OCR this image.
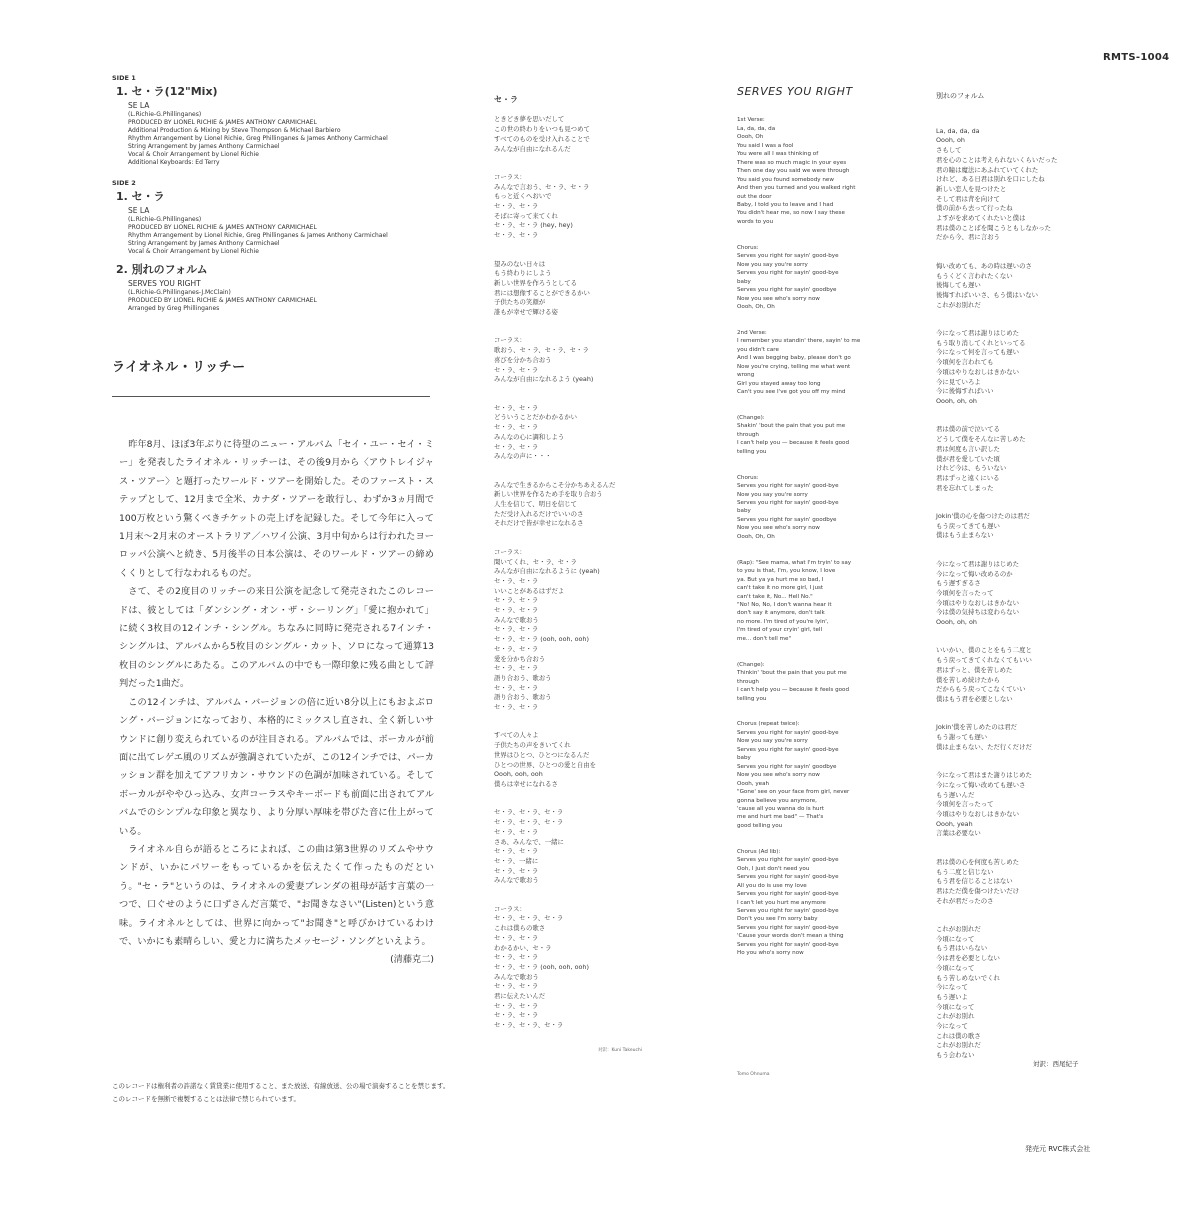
RMTS-1004
SIDE 1
1. セ・ラ(12"Mix)
SE LA
(L.Richie-G.Phillinganes)
PRODUCED BY LIONEL RICHIE & JAMES ANTHONY CARMICHAEL
Additional Production & Mixing by Steve Thompson & Michael Barbiero
Rhythm Arrangement by Lionel Richie, Greg Phillinganes & James Anthony Carmichael
String Arrangement by James Anthony Carmichael
Vocal & Choir Arrangement by Lionel Richie
Additional Keyboards: Ed Terry
SIDE 2
1. セ・ラ
SE LA
(L.Richie-G.Phillinganes)
PRODUCED BY LIONEL RICHIE & JAMES ANTHONY CARMICHAEL
Rhythm Arrangement by Lionel Richie, Greg Phillinganes & James Anthony Carmichael
String Arrangement by James Anthony Carmichael
Vocal & Choir Arrangement by Lionel Richie
2. 別れのフォルム
SERVES YOU RIGHT
(L.Richie-G.Phillinganes-J.McClain)
PRODUCED BY LIONEL RICHIE & JAMES ANTHONY CARMICHAEL
Arranged by Greg Phillinganes
ライオネル・リッチー

昨年8月、ほぼ3年ぶりに待望のニュー・アルバム「セイ・ユー・セイ・ミー」を発表したライオネル・リッチーは、その後9月から〈アウトレイジャス・ツアー〉と題打ったワールド・ツアーを開始した。そのファースト・ステップとして、12月まで全米、カナダ・ツアーを敢行し、わずか3ヵ月間で100万枚という驚くべきチケットの売上げを記録した。そして今年に入って1月末〜2月末のオーストラリア／ハワイ公演、3月中旬からは行われたヨーロッパ公演へと続き、5月後半の日本公演は、そのワールド・ツアーの締めくくりとして行なわれるものだ。

さて、その2度目のリッチーの来日公演を記念して発売されたこのレコードは、彼としては「ダンシング・オン・ザ・シーリング」「愛に抱かれて」に続く3枚目の12インチ・シングル。ちなみに同時に発売される7インチ・シングルは、アルバムから5枚目のシングル・カット、ソロになって通算13枚目のシングルにあたる。このアルバムの中でも一際印象に残る曲として評判だった1曲だ。

この12インチは、アルバム・バージョンの倍に近い8分以上にもおよぶロング・バージョンになっており、本格的にミックスし直され、全く新しいサウンドに創り変えられているのが注目される。アルバムでは、ボーカルが前面に出てレゲエ風のリズムが強調されていたが、この12インチでは、パーカッション群を加えてアフリカン・サウンドの色調が加味されている。そしてボーカルがややひっ込み、女声コーラスやキーボードも前面に出されてアルバムでのシンプルな印象と異なり、より分厚い厚味を帯びた音に仕上がっている。

ライオネル自らが語るところによれば、この曲は第3世界のリズムやサウンドが、いかにパワーをもっているかを伝えたくて作ったものだという。"セ・ラ"というのは、ライオネルの愛妻ブレンダの祖母が話す言葉の一つで、口ぐせのように口ずさんだ言葉で、"お聞きなさい"(Listen)という意味。ライオネルとしては、世界に向かって"お聞き"と呼びかけているわけで、いかにも素晴らしい、愛と力に満ちたメッセージ・ソングといえよう。

(清藤克二)

セ・ラ

ときどき夢を思いだして
この世の終わりをいつも見つめて
すべてのものを受け入れることで
みんなが自由になれるんだ

コーラス：
みんなで言おう、セ・ラ、セ・ラ
もっと近くへおいで
セ・ラ、セ・ラ
そばに寄って来てくれ
セ・ラ、セ・ラ (hey, hey)
セ・ラ、セ・ラ

望みのない日々は
もう終わりにしよう
新しい世界を作ろうとしてる
君には想像することができるかい
子供たちの笑顔が
誰もが幸せで輝ける姿

コーラス：
歌おう、セ・ラ、セ・ラ、セ・ラ
喜びを分かち合おう
セ・ラ、セ・ラ
みんなが自由になれるよう (yeah)

セ・ラ、セ・ラ
どういうことだかわかるかい
セ・ラ、セ・ラ
みんなの心に調和しよう
セ・ラ、セ・ラ
みんなの声に・・・

みんなで生きるからこそ分かちあえるんだ
新しい世界を作るため手を取り合おう
人生を信じて、明日を信じて
ただ受け入れるだけでいいのさ
それだけで皆が幸せになれるさ

コーラス：
聞いてくれ、セ・ラ、セ・ラ
みんなが自由になれるように (yeah)
セ・ラ、セ・ラ
いいことがあるはずだよ
セ・ラ、セ・ラ
セ・ラ、セ・ラ
みんなで歌おう
セ・ラ、セ・ラ
セ・ラ、セ・ラ (ooh, ooh, ooh)
セ・ラ、セ・ラ
愛を分かち合おう
セ・ラ、セ・ラ
語り合おう、歌おう
セ・ラ、セ・ラ
語り合おう、歌おう
セ・ラ、セ・ラ

すべての人々よ
子供たちの声をきいてくれ
世界はひとつ、ひとつになるんだ
ひとつの世界、ひとつの愛と自由を
Oooh, ooh, ooh
僕らは幸せになれるさ

セ・ラ、セ・ラ、セ・ラ
セ・ラ、セ・ラ、セ・ラ
セ・ラ、セ・ラ
さあ、みんなで、一緒に
セ・ラ、セ・ラ
セ・ラ、一緒に
セ・ラ、セ・ラ
みんなで歌おう

コーラス：
セ・ラ、セ・ラ、セ・ラ
これは僕らの歌さ
セ・ラ、セ・ラ
わかるかい、セ・ラ
セ・ラ、セ・ラ
セ・ラ、セ・ラ (ooh, ooh, ooh)
みんなで歌おう
セ・ラ、セ・ラ
君に伝えたいんだ
セ・ラ、セ・ラ
セ・ラ、セ・ラ
セ・ラ、セ・ラ、セ・ラ

対訳：Kuni Takeuchi
SERVES YOU RIGHT

1st Verse:
La, da, da, da
Oooh, Oh
You said I was a fool
You were all I was thinking of
There was so much magic in your eyes
Then one day you said we were through
You said you found somebody new
And then you turned and you walked right
out the door
Baby, I told you to leave and I had
You didn't hear me, so now I say these
words to you

Chorus:
Serves you right for sayin' good-bye
Now you say you're sorry
Serves you right for sayin' good-bye
baby
Serves you right for sayin' goodbye
Now you see who's sorry now
Oooh, Oh, Oh

2nd Verse:
I remember you standin' there, sayin' to me
you didn't care
And I was begging baby, please don't go
Now you're crying, telling me what went
wrong
Girl you stayed away too long
Can't you see I've got you off my mind

(Change):
Shakin' 'bout the pain that you put me
through
I can't help you — because it feels good
telling you

Chorus:
Serves you right for sayin' good-bye
Now you say you're sorry
Serves you right for sayin' good-bye
baby
Serves you right for sayin' goodbye
Now you see who's sorry now
Oooh, Oh, Oh

(Rap): "See mama, what I'm tryin' to say
to you is that, I'm, you know, I love
ya. But ya ya hurt me so bad, I
can't take it no more girl, I just
can't take it, No... Hell No."
"No! No, No, I don't wanna hear it
don't say it anymore, don't talk
no more. I'm tired of you're lyin',
I'm tired of your cryin' girl, tell
me... don't tell me"

(Change):
Thinkin' 'bout the pain that you put me
through
I can't help you — because it feels good
telling you

Chorus (repeat twice):
Serves you right for sayin' good-bye
Now you say you're sorry
Serves you right for sayin' good-bye
baby
Serves you right for sayin' goodbye
Now you see who's sorry now
Oooh, yeah
"Gone' see on your face from girl, never
gonna believe you anymore,
'cause all you wanna do is hurt
me and hurt me bad" — That's
good telling you

Chorus (Ad lib):
Serves you right for sayin' good-bye
Ooh, I just don't need you
Serves you right for sayin' good-bye
All you do is use my love
Serves you right for sayin' good-bye
I can't let you hurt me anymore
Serves you right for sayin' good-bye
Don't you see I'm sorry baby
Serves you right for sayin' good-bye
'Cause your words don't mean a thing
Serves you right for sayin' good-bye
Ho you who's sorry now

Tomo Ohnuma
別れのフォルム

La, da, da, da
Oooh, oh
さもして
君を心のことは考えられないくらいだった
君の瞳は魔法にあふれていてくれた
けれど、ある日君は別れを口にしたね
新しい恋人を見つけたと
そして君は背を向けて
僕の前から去って行ったね
よすがを求めてくれたいと僕は
君は僕のことばを聞こうともしなかった
だから今、君に言おう

悔い改めても、あの時は遅いのさ
もうくどく言われたくない
後悔しても遅い
後悔すればいいさ、もう僕はいない
これがお別れだ

今になって君は謝りはじめた
もう取り消してくれといってる
今になって何を言っても遅い
今頃何を言われても
今頃はやりなおしはきかない
今に見ていろよ
今に後悔すればいい
Oooh, oh, oh

君は僕の前で泣いてる
どうして僕をそんなに苦しめた
君は何度も言い訳した
僕が君を愛していた頃
けれど今は、もういない
君はずっと遠くにいる
君を忘れてしまった

Jokin'僕の心を傷つけたのは君だ
もう戻ってきても遅い
僕はもう止まらない

今になって君は謝りはじめた
今になって悔い改めるのか
もう遅すぎるさ
今頃何を言ったって
今頃はやりなおしはきかない
今は僕の気持ちは変わらない
Oooh, oh, oh

いいかい、僕のことをもう二度と
もう戻ってきてくれなくてもいい
君はずっと、僕を苦しめた
僕を苦しめ続けたから
だからもう戻ってこなくていい
僕はもう君を必要としない

Jokin'僕を苦しめたのは君だ
もう謝っても遅い
僕は止まらない、ただ行くだけだ

今になって君はまた謝りはじめた
今になって悔い改めても遅いさ
もう遅いんだ
今頃何を言ったって
今頃はやりなおしはきかない
Oooh, yeah
言葉は必要ない

君は僕の心を何度も苦しめた
もう二度と信じない
もう君を信じることはない
君はただ僕を傷つけたいだけ
それが君だったのさ

これがお別れだ
今頃になって
もう君はいらない
今は君を必要としない
今頃になって
もう苦しめないでくれ
今になって
もう遅いよ
今頃になって
これがお別れ
今になって
これは僕の歌さ
これがお別れだ
もう会わない

対訳：西尾紀子
このレコードは権利者の許諾なく賃貸業に使用すること、また放送、有線放送、公の場で演奏することを禁じます。
このレコードを無断で複製することは法律で禁じられています。
発売元 RVC株式会社
